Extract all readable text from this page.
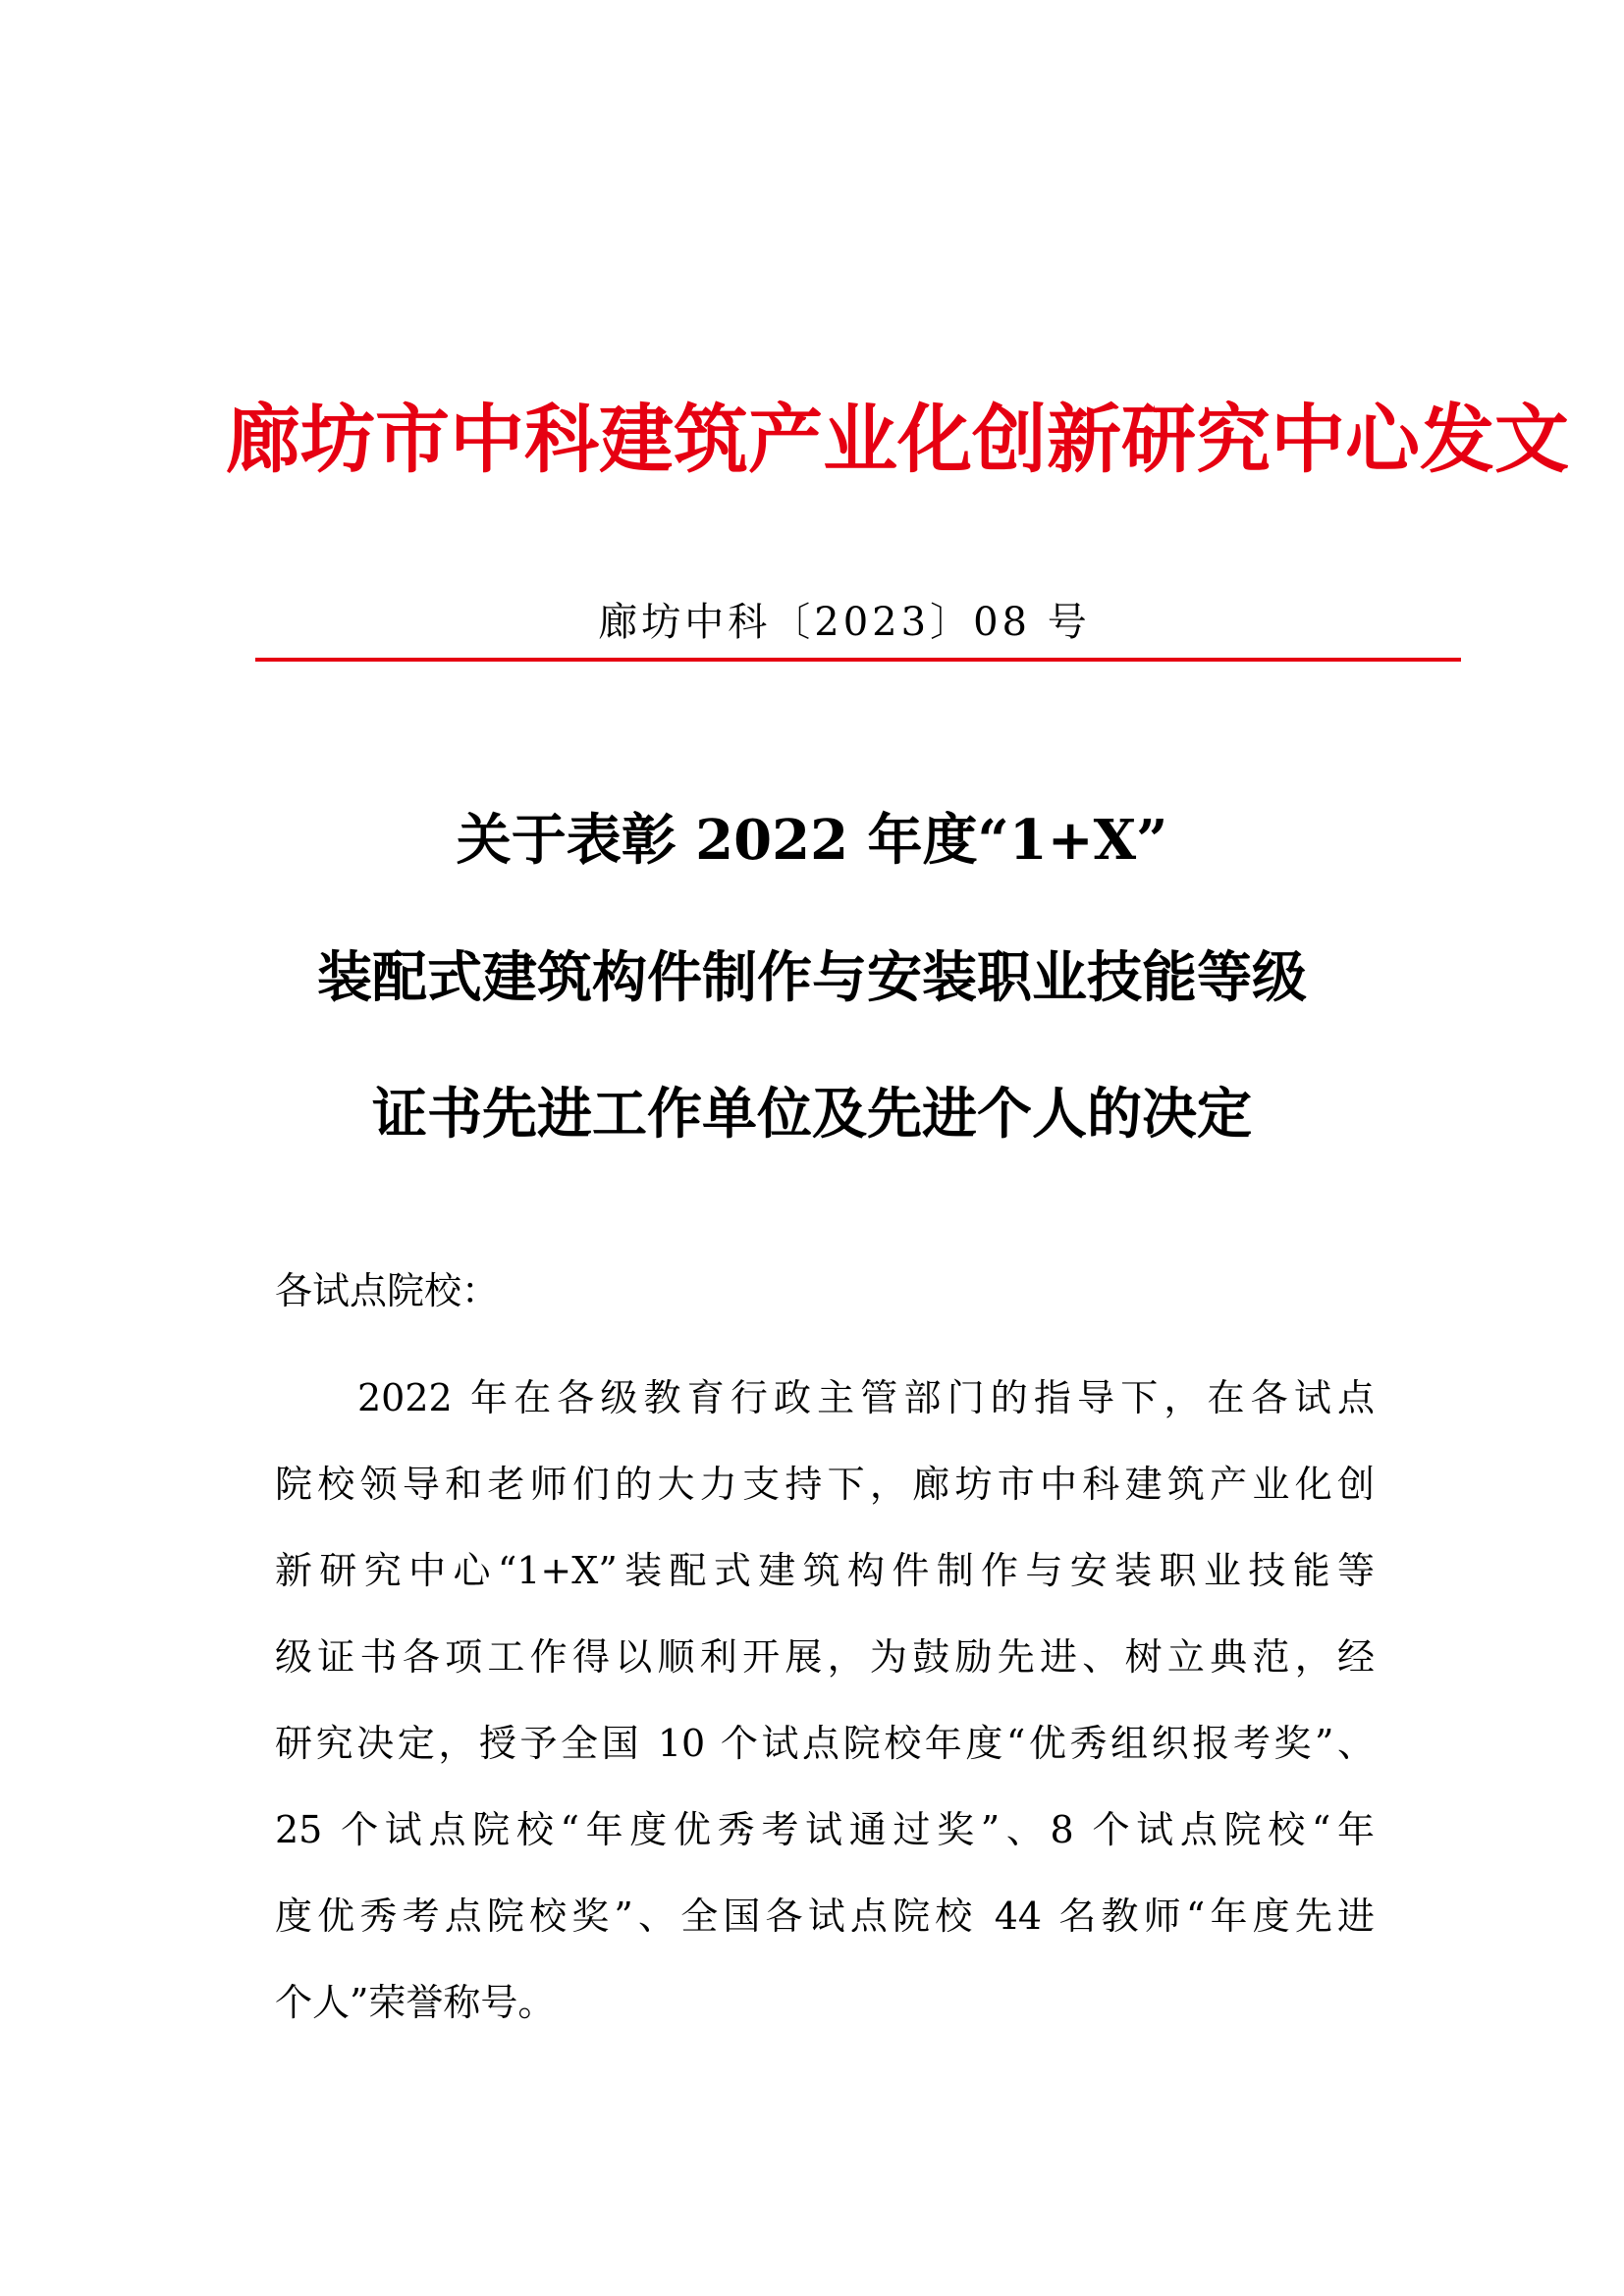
廊坊市中科建筑产业化创新研究中心发文
廊坊中科〔2023〕08 号
关于表彰 2022 年度“1+X”
装配式建筑构件制作与安装职业技能等级
证书先进工作单位及先进个人的决定
各试点院校：
2022 年在各级教育行政主管部门的指导下，在各试点
院校领导和老师们的大力支持下，廊坊市中科建筑产业化创
新研究中心“1+X”装配式建筑构件制作与安装职业技能等
级证书各项工作得以顺利开展，为鼓励先进、树立典范，经
研究决定，授予全国 10 个试点院校年度“优秀组织报考奖”、
25 个试点院校“年度优秀考试通过奖”、8 个试点院校“年
度优秀考点院校奖”、全国各试点院校 44 名教师“年度先进
个人”荣誉称号。
